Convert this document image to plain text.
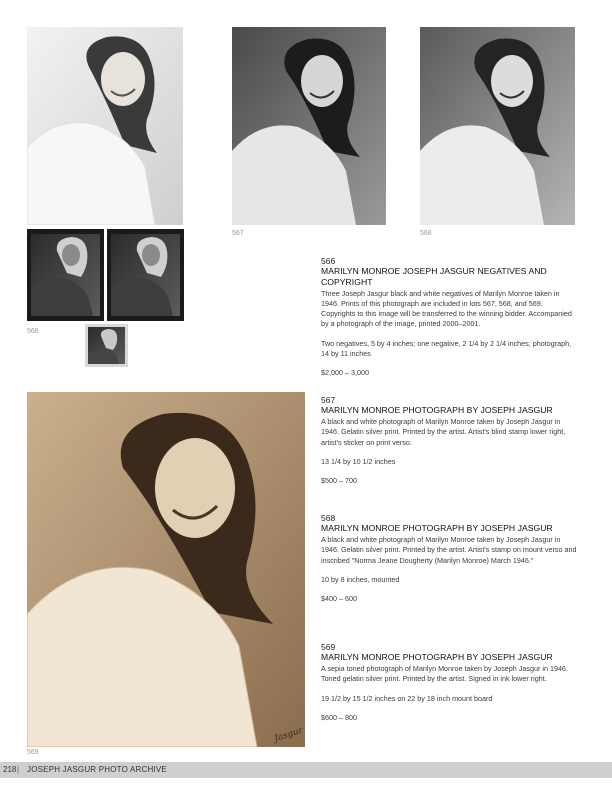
567	568
566
Jasgur
569
566
MARILYN MONROE JOSEPH JASGUR NEGATIVES AND COPYRIGHT

Three Joseph Jasgur black and white negatives of Marilyn Monroe taken in 1946. Prints of this photograph are included in lots 567, 568, and 569. Copyrights to this image will be transferred to the winning bidder. Accompanied by a photograph of the image, printed 2000–2001.

Two negatives, 5 by 4 inches; one negative, 2 1/4 by 2 1/4 inches; photograph, 14 by 11 inches

$2,000 – 3,000

567
MARILYN MONROE PHOTOGRAPH BY JOSEPH JASGUR

A black and white photograph of Marilyn Monroe taken by Joseph Jasgur in 1946. Gelatin silver print. Printed by the artist. Artist's blind stamp lower right, artist's sticker on print verso.

13 1/4 by 10 1/2 inches

$500 – 700

568
MARILYN MONROE PHOTOGRAPH BY JOSEPH JASGUR

A black and white photograph of Marilyn Monroe taken by Joseph Jasgur in 1946. Gelatin silver print. Printed by the artist. Artist's stamp on mount verso and inscribed "Norma Jeane Dougherty (Marilyn Monroe) March 1946."

10 by 8 inches, mounted

$400 – 600

569
MARILYN MONROE PHOTOGRAPH BY JOSEPH JASGUR

A sepia toned photograph of Marilyn Monroe taken by Joseph Jasgur in 1946. Toned gelatin silver print. Printed by the artist. Signed in ink lower right.

19 1/2 by 15 1/2 inches on 22 by 18 inch mount board

$600 – 800

218 | JOSEPH JASGUR PHOTO ARCHIVE
